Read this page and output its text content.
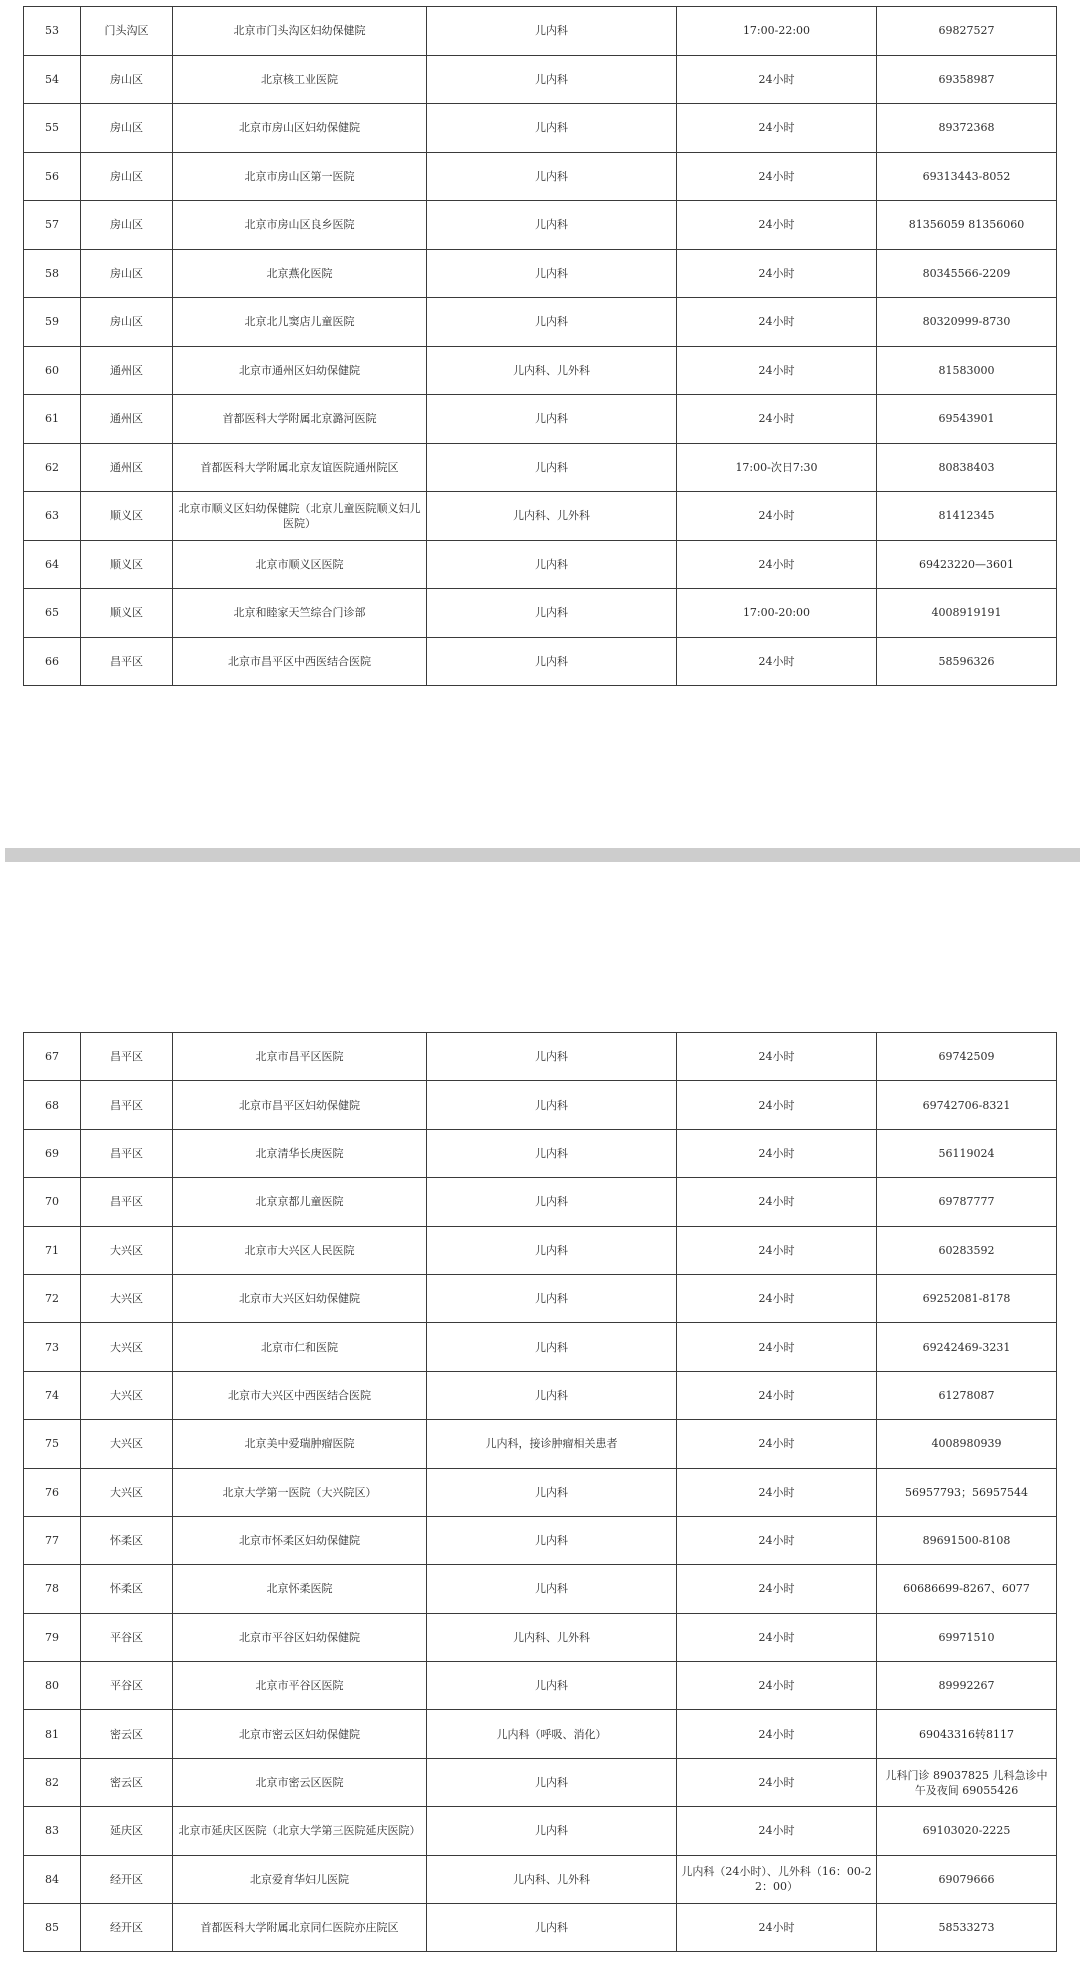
53	门头沟区	北京市门头沟区妇幼保健院	儿内科	17:00-22:00	69827527
54	房山区	北京核工业医院	儿内科	24小时	69358987
55	房山区	北京市房山区妇幼保健院	儿内科	24小时	89372368
56	房山区	北京市房山区第一医院	儿内科	24小时	69313443-8052
57	房山区	北京市房山区良乡医院	儿内科	24小时	81356059 81356060
58	房山区	北京燕化医院	儿内科	24小时	80345566-2209
59	房山区	北京北儿窦店儿童医院	儿内科	24小时	80320999-8730
60	通州区	北京市通州区妇幼保健院	儿内科、儿外科	24小时	81583000
61	通州区	首都医科大学附属北京潞河医院	儿内科	24小时	69543901
62	通州区	首都医科大学附属北京友谊医院通州院区	儿内科	17:00-次日7:30	80838403
63	顺义区	北京市顺义区妇幼保健院（北京儿童医院顺义妇儿医院）	儿内科、儿外科	24小时	81412345
64	顺义区	北京市顺义区医院	儿内科	24小时	69423220—3601
65	顺义区	北京和睦家天竺综合门诊部	儿内科	17:00-20:00	4008919191
66	昌平区	北京市昌平区中西医结合医院	儿内科	24小时	58596326
67	昌平区	北京市昌平区医院	儿内科	24小时	69742509
68	昌平区	北京市昌平区妇幼保健院	儿内科	24小时	69742706-8321
69	昌平区	北京清华长庚医院	儿内科	24小时	56119024
70	昌平区	北京京都儿童医院	儿内科	24小时	69787777
71	大兴区	北京市大兴区人民医院	儿内科	24小时	60283592
72	大兴区	北京市大兴区妇幼保健院	儿内科	24小时	69252081-8178
73	大兴区	北京市仁和医院	儿内科	24小时	69242469-3231
74	大兴区	北京市大兴区中西医结合医院	儿内科	24小时	61278087
75	大兴区	北京美中爱瑞肿瘤医院	儿内科，接诊肿瘤相关患者	24小时	4008980939
76	大兴区	北京大学第一医院（大兴院区）	儿内科	24小时	56957793；56957544
77	怀柔区	北京市怀柔区妇幼保健院	儿内科	24小时	89691500-8108
78	怀柔区	北京怀柔医院	儿内科	24小时	60686699-8267、6077
79	平谷区	北京市平谷区妇幼保健院	儿内科、儿外科	24小时	69971510
80	平谷区	北京市平谷区医院	儿内科	24小时	89992267
81	密云区	北京市密云区妇幼保健院	儿内科（呼吸、消化）	24小时	69043316转8117
82	密云区	北京市密云区医院	儿内科	24小时	儿科门诊 89037825 儿科急诊中午及夜间 69055426
83	延庆区	北京市延庆区医院（北京大学第三医院延庆医院）	儿内科	24小时	69103020-2225
84	经开区	北京爱育华妇儿医院	儿内科、儿外科	儿内科（24小时）、儿外科（16：00-22：00）	69079666
85	经开区	首都医科大学附属北京同仁医院亦庄院区	儿内科	24小时	58533273
